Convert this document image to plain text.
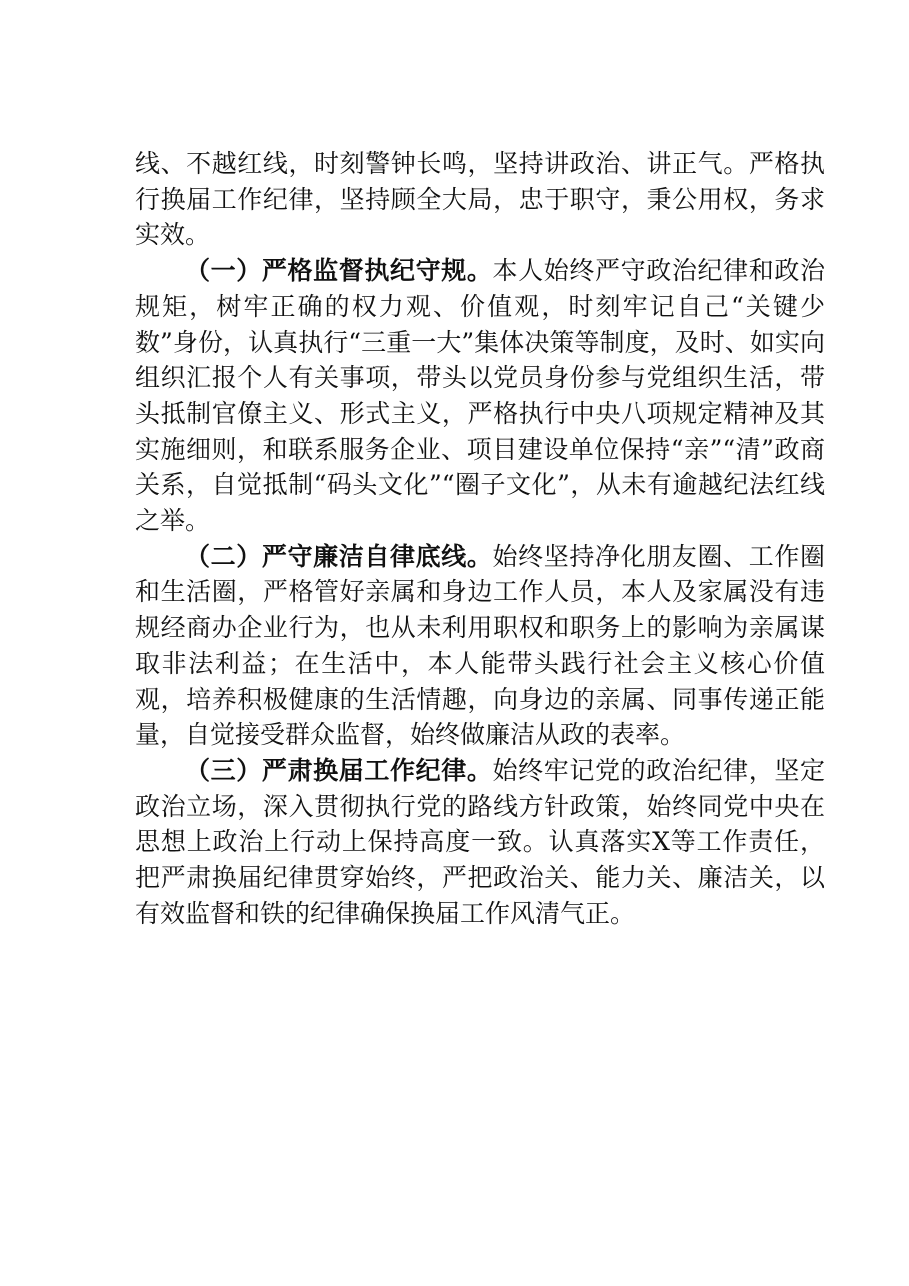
线、不越红线，时刻警钟长鸣，坚持讲政治、讲正气。严格执行换届工作纪律，坚持顾全大局，忠于职守，秉公用权，务求实效。

（一）严格监督执纪守规。本人始终严守政治纪律和政治规矩，树牢正确的权力观、价值观，时刻牢记自己“关键少数”身份，认真执行“三重一大”集体决策等制度，及时、如实向组织汇报个人有关事项，带头以党员身份参与党组织生活，带头抵制官僚主义、形式主义，严格执行中央八项规定精神及其实施细则，和联系服务企业、项目建设单位保持“亲”“清”政商关系，自觉抵制“码头文化”“圈子文化”，从未有逾越纪法红线之举。

（二）严守廉洁自律底线。始终坚持净化朋友圈、工作圈和生活圈，严格管好亲属和身边工作人员，本人及家属没有违规经商办企业行为，也从未利用职权和职务上的影响为亲属谋取非法利益；在生活中，本人能带头践行社会主义核心价值观，培养积极健康的生活情趣，向身边的亲属、同事传递正能量，自觉接受群众监督，始终做廉洁从政的表率。

（三）严肃换届工作纪律。始终牢记党的政治纪律，坚定政治立场，深入贯彻执行党的路线方针政策，始终同党中央在思想上政治上行动上保持高度一致。认真落实X等工作责任，把严肃换届纪律贯穿始终，严把政治关、能力关、廉洁关，以有效监督和铁的纪律确保换届工作风清气正。
